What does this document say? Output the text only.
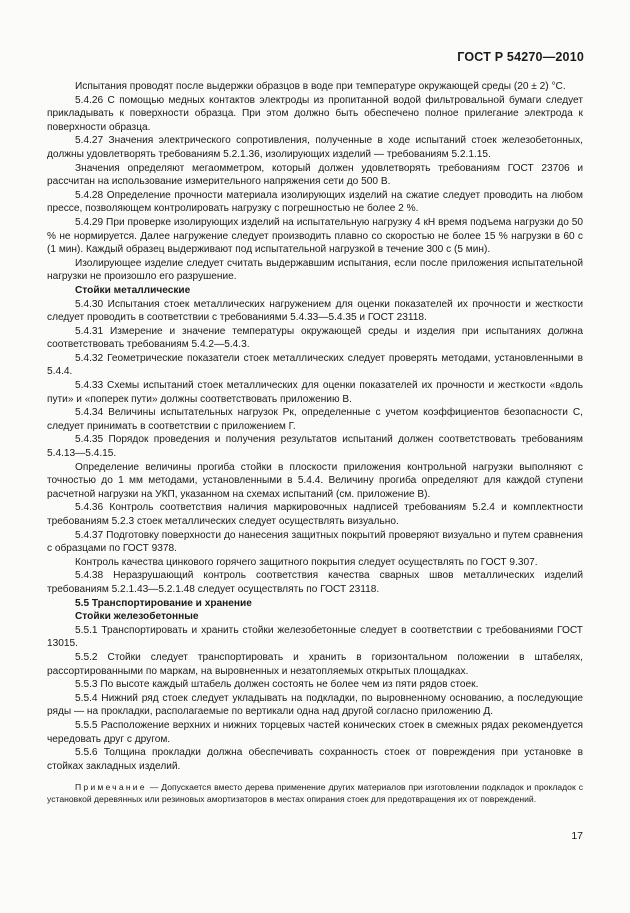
ГОСТ Р 54270—2010

Испытания проводят после выдержки образцов в воде при температуре окружающей среды (20 ± 2) °C.

5.4.26 С помощью медных контактов электроды из пропитанной водой фильтровальной бумаги следует прикладывать к поверхности образца. При этом должно быть обеспечено полное прилегание электрода к поверхности образца.

5.4.27 Значения электрического сопротивления, полученные в ходе испытаний стоек железобетонных, должны удовлетворять требованиям 5.2.1.36, изолирующих изделий — требованиям 5.2.1.15.

Значения определяют мегаомметром, который должен удовлетворять требованиям ГОСТ 23706 и рассчитан на использование измерительного напряжения сети до 500 В.

5.4.28 Определение прочности материала изолирующих изделий на сжатие следует проводить на любом прессе, позволяющем контролировать нагрузку с погрешностью не более 2 %.

5.4.29 При проверке изолирующих изделий на испытательную нагрузку 4 кН время подъема нагрузки до 50 % не нормируется. Далее нагружение следует производить плавно со скоростью не более 15 % нагрузки в 60 с (1 мин). Каждый образец выдерживают под испытательной нагрузкой в течение 300 с (5 мин).

Изолирующее изделие следует считать выдержавшим испытания, если после приложения испытательной нагрузки не произошло его разрушение.

Стойки металлические

5.4.30 Испытания стоек металлических нагружением для оценки показателей их прочности и жесткости следует проводить в соответствии с требованиями 5.4.33—5.4.35 и ГОСТ 23118.

5.4.31 Измерение и значение температуры окружающей среды и изделия при испытаниях должна соответствовать требованиям 5.4.2—5.4.3.

5.4.32 Геометрические показатели стоек металлических следует проверять методами, установленными в 5.4.4.

5.4.33 Схемы испытаний стоек металлических для оценки показателей их прочности и жесткости «вдоль пути» и «поперек пути» должны соответствовать приложению В.

5.4.34 Величины испытательных нагрузок Pк, определенные с учетом коэффициентов безопасности С, следует принимать в соответствии с приложением Г.

5.4.35 Порядок проведения и получения результатов испытаний должен соответствовать требованиям 5.4.13—5.4.15.

Определение величины прогиба стойки в плоскости приложения контрольной нагрузки выполняют с точностью до 1 мм методами, установленными в 5.4.4. Величину прогиба определяют для каждой ступени расчетной нагрузки на УКП, указанном на схемах испытаний (см. приложение В).

5.4.36 Контроль соответствия наличия маркировочных надписей требованиям 5.2.4 и комплектности требованиям 5.2.3 стоек металлических следует осуществлять визуально.

5.4.37 Подготовку поверхности до нанесения защитных покрытий проверяют визуально и путем сравнения с образцами по ГОСТ 9378.

Контроль качества цинкового горячего защитного покрытия следует осуществлять по ГОСТ 9.307.

5.4.38 Неразрушающий контроль соответствия качества сварных швов металлических изделий требованиям 5.2.1.43—5.2.1.48 следует осуществлять по ГОСТ 23118.

5.5 Транспортирование и хранение

Стойки железобетонные

5.5.1 Транспортировать и хранить стойки железобетонные следует в соответствии с требованиями ГОСТ 13015.

5.5.2 Стойки следует транспортировать и хранить в горизонтальном положении в штабелях, рассортированными по маркам, на выровненных и незатопляемых открытых площадках.

5.5.3 По высоте каждый штабель должен состоять не более чем из пяти рядов стоек.

5.5.4 Нижний ряд стоек следует укладывать на подкладки, по выровненному основанию, а последующие ряды — на прокладки, располагаемые по вертикали одна над другой согласно приложению Д.

5.5.5 Расположение верхних и нижних торцевых частей конических стоек в смежных рядах рекомендуется чередовать друг с другом.

5.5.6 Толщина прокладки должна обеспечивать сохранность стоек от повреждения при установке в стойках закладных изделий.

Примечание — Допускается вместо дерева применение других материалов при изготовлении подкладок и прокладок с установкой деревянных или резиновых амортизаторов в местах опирания стоек для предотвращения их от повреждений.

17
